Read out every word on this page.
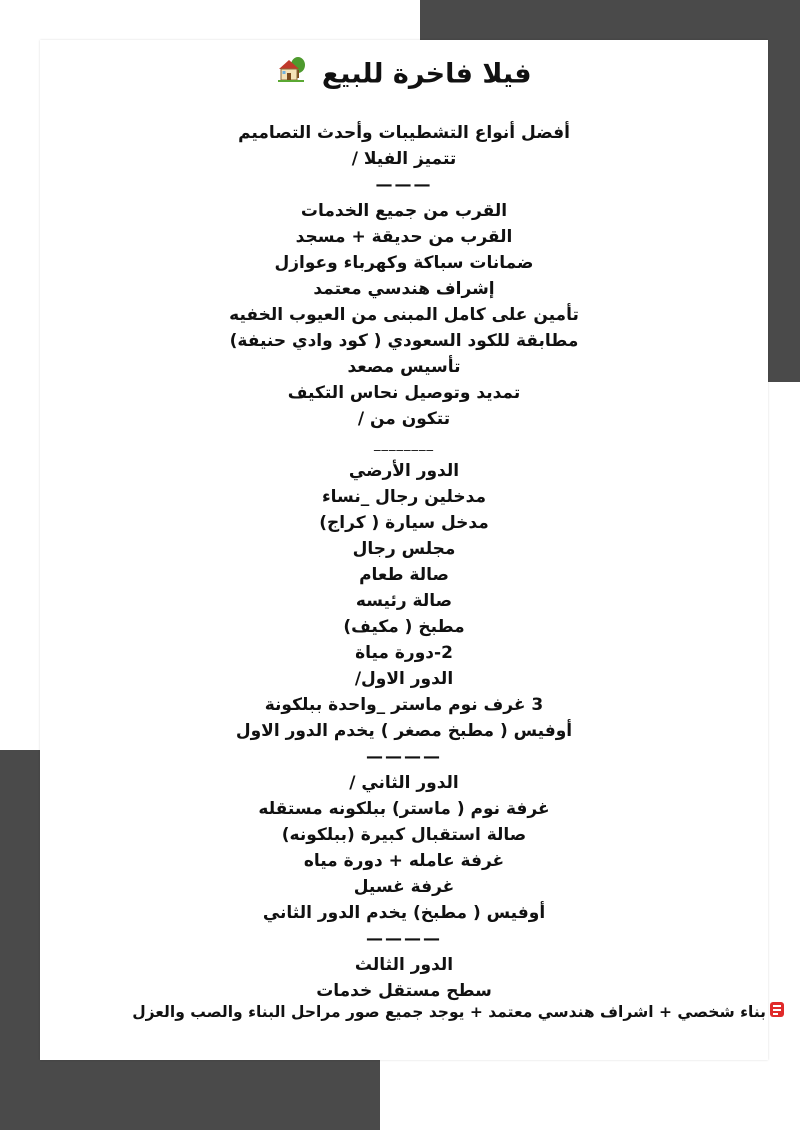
فيلا فاخرة للبيع
أفضل أنواع التشطيبات وأحدث التصاميم
تتميز الفيلا /
———
القرب من جميع الخدمات
القرب من حديقة + مسجد
ضمانات سباكة وكهرباء وعوازل
إشراف هندسي معتمد
تأمين على كامل المبنى من العيوب الخفيه
مطابقة للكود السعودي ( كود وادي حنيفة)
تأسيس مصعد
تمديد وتوصيل نحاس التكيف
تتكون من /
________
الدور الأرضي
مدخلين رجال _نساء
مدخل سيارة ( كراج)
مجلس رجال
صالة طعام
صالة رئيسه
مطبخ ( مكيف)
2-دورة مياة
الدور الاول/
3 غرف نوم ماستر _واحدة ببلكونة
أوفيس ( مطبخ مصغر ) يخدم الدور الاول
————
الدور الثاني /
غرفة نوم ( ماستر) ببلكونه مستقله
صالة استقبال كبيرة (ببلكونه)
غرفة عامله + دورة مياه
غرفة غسيل
أوفيس ( مطبخ) يخدم الدور الثاني
————
الدور الثالث
سطح مستقل خدمات
بناء شخصي + اشراف هندسي معتمد + يوجد جميع صور مراحل البناء والصب والعزل
